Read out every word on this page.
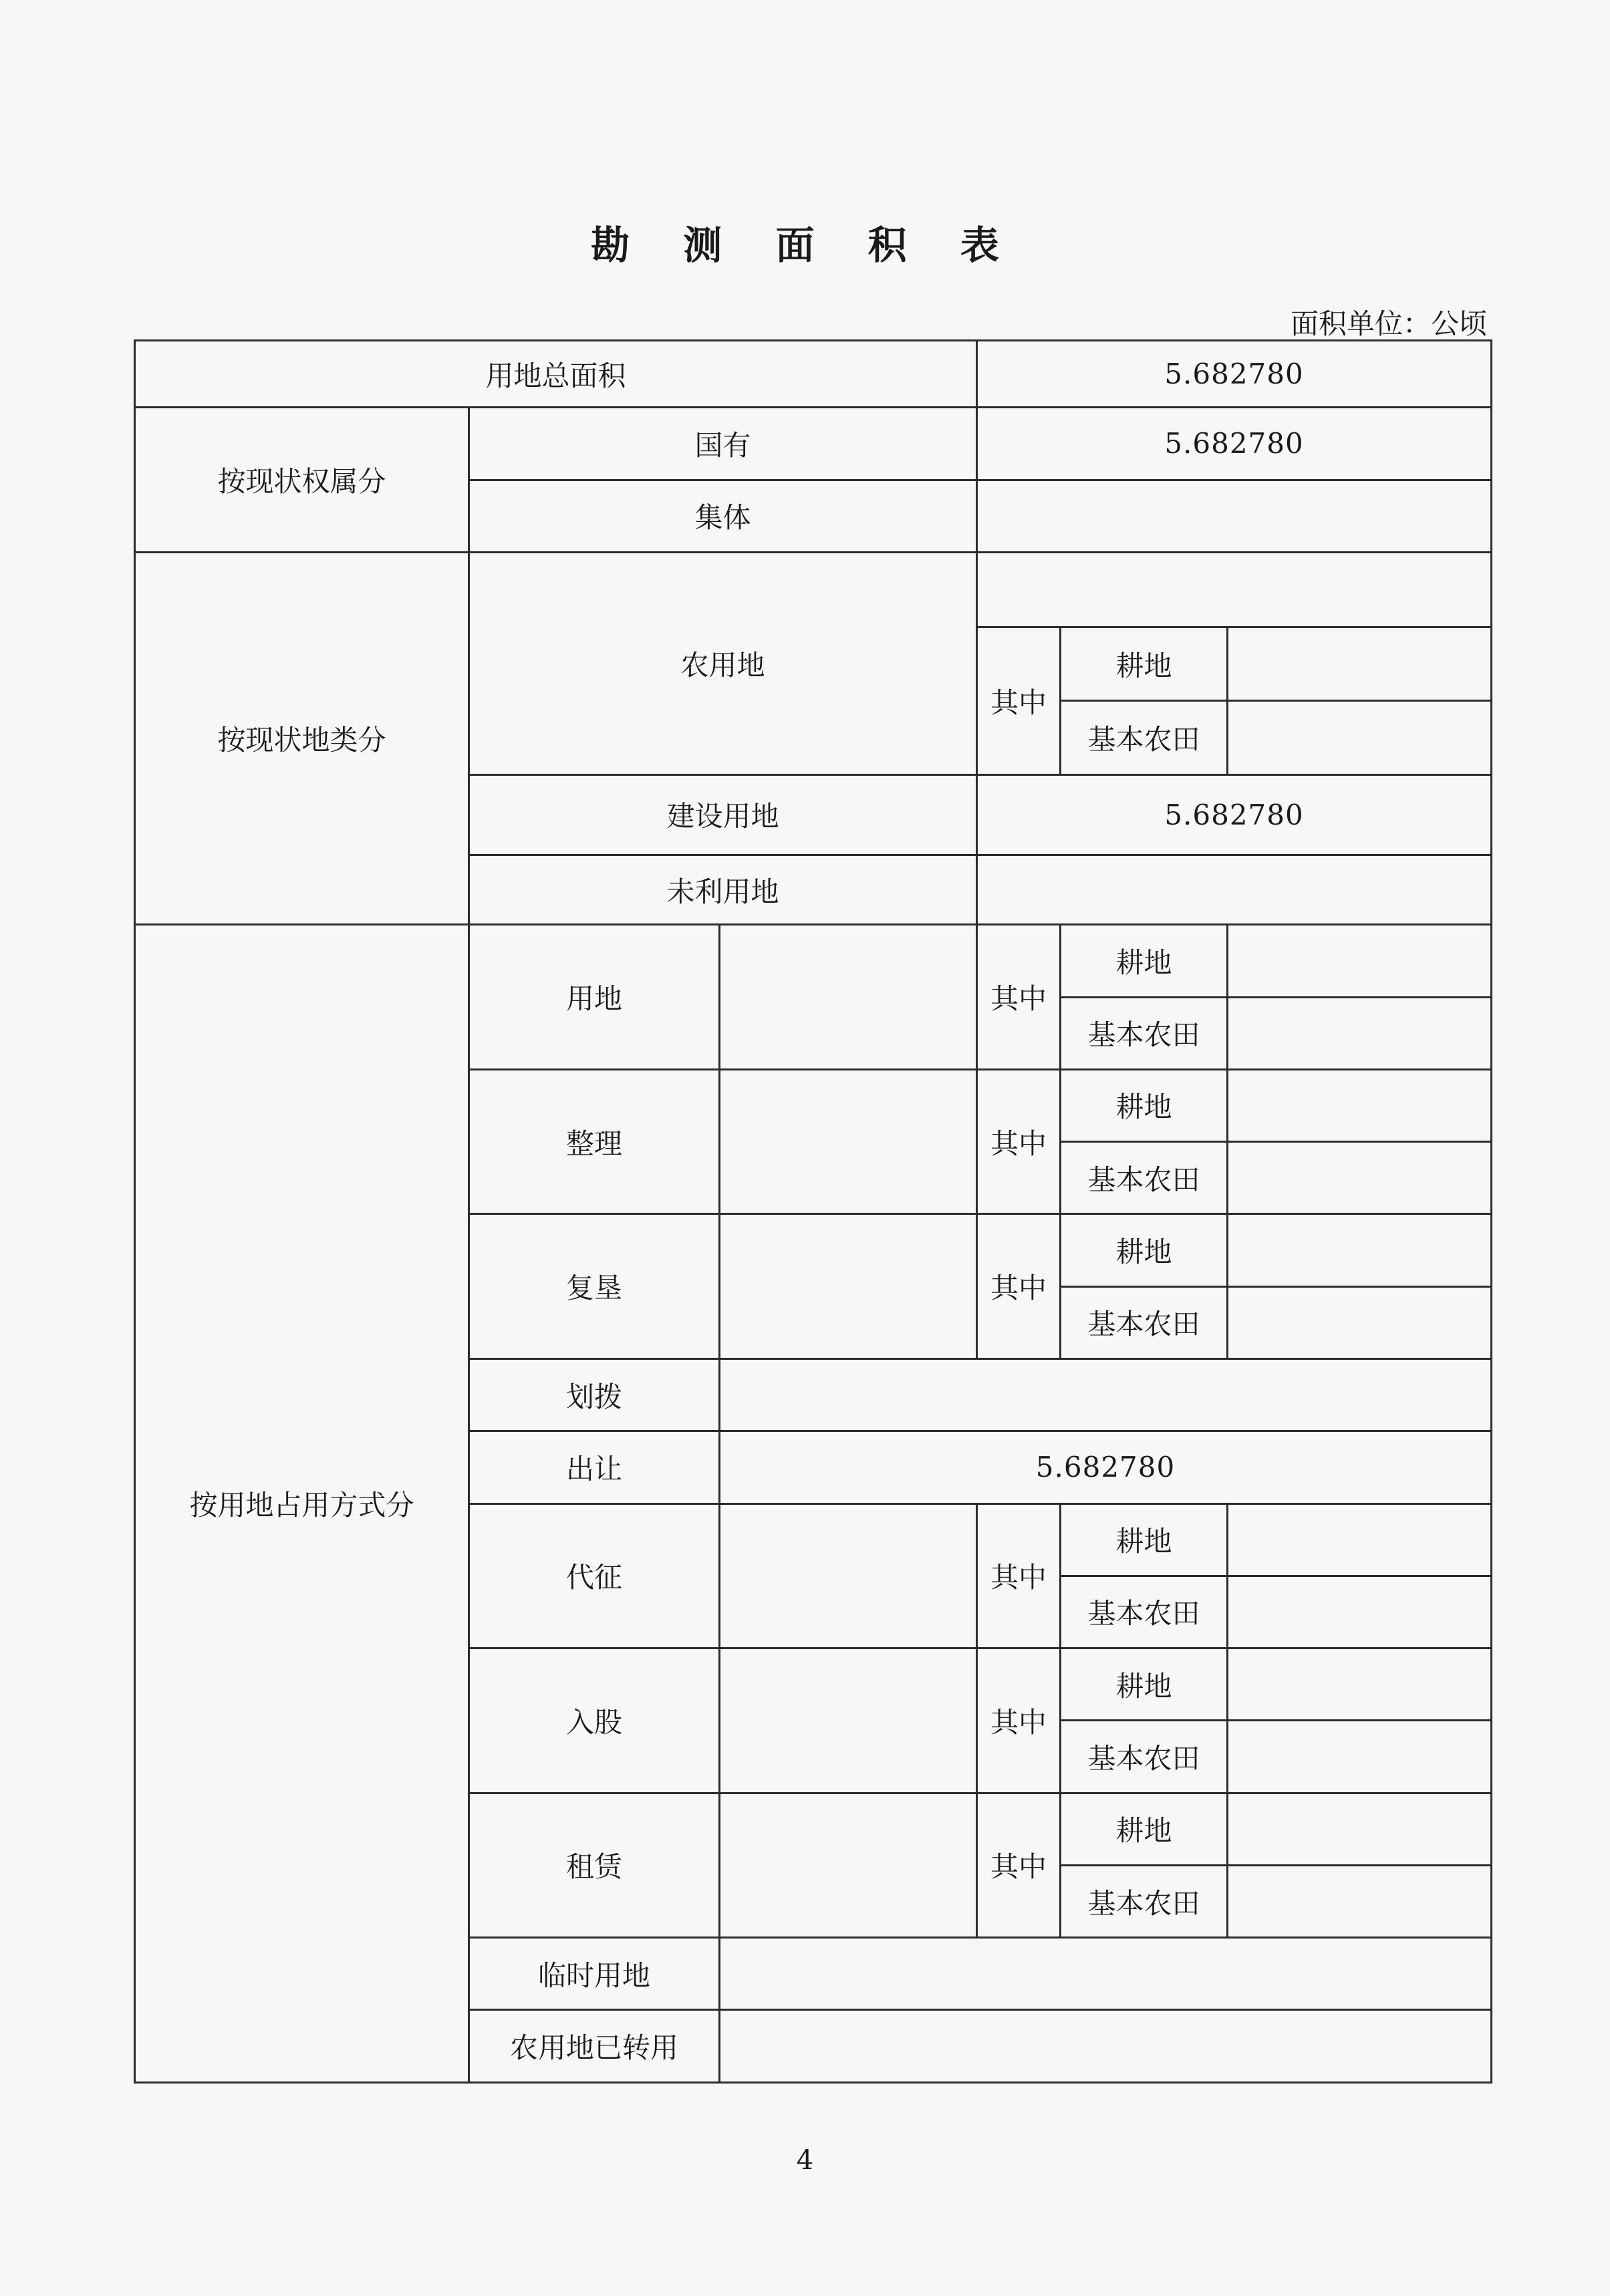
勘 测 面 积 表
面积单位：公顷
用地总面积			5.682780		
按现状权属分	国有		5.682780		
	集体				
按现状地类分	农用地				
			其中	耕地	
				基本农田	
	建设用地		5.682780		
	未利用地				
按用地占用方式分	用地		其中	耕地	
				基本农田	
	整理		其中	耕地	
				基本农田	
	复垦		其中	耕地	
				基本农田	
	划拨				
	出让	5.682780			
	代征		其中	耕地	
				基本农田	
	入股		其中	耕地	
				基本农田	
	租赁		其中	耕地	
				基本农田	
	临时用地				
	农用地已转用				
4
